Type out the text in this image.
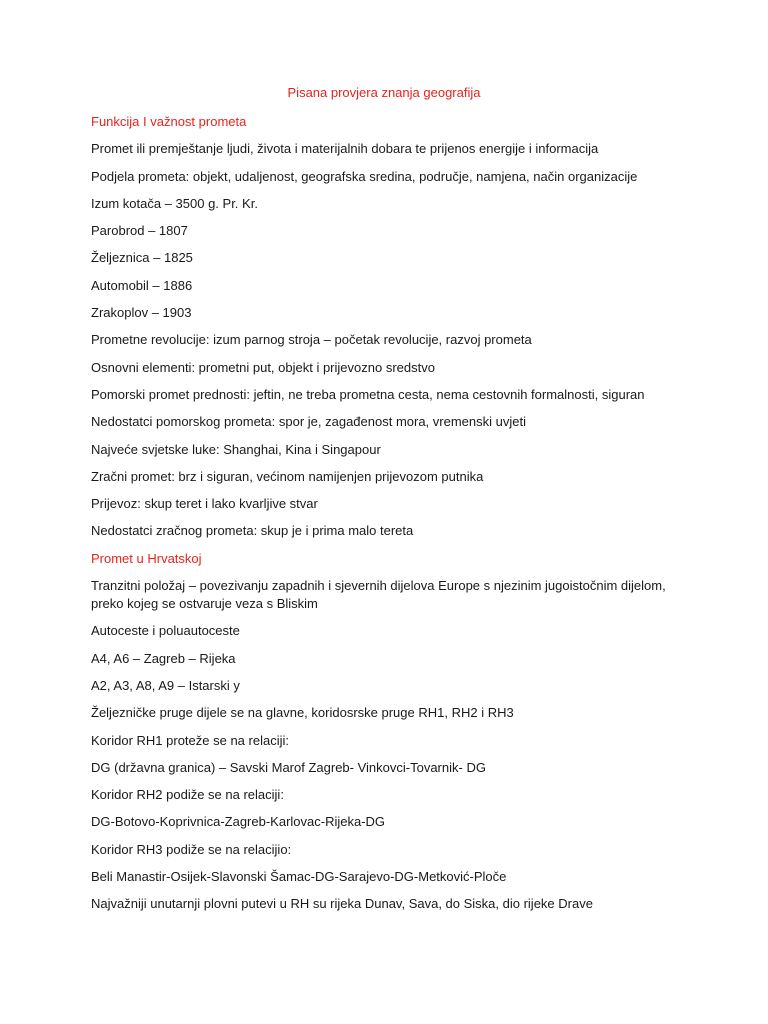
Pisana provjera znanja geografija
Funkcija I važnost prometa
Promet ili premještanje ljudi, života i materijalnih dobara te prijenos energije i informacija
Podjela prometa: objekt, udaljenost, geografska sredina, područje, namjena, način organizacije
Izum kotača – 3500 g. Pr. Kr.
Parobrod – 1807
Željeznica – 1825
Automobil – 1886
Zrakoplov – 1903
Prometne revolucije: izum parnog stroja – početak revolucije, razvoj prometa
Osnovni elementi: prometni put, objekt i prijevozno sredstvo
Pomorski promet prednosti: jeftin, ne treba prometna cesta, nema cestovnih formalnosti, siguran
Nedostatci pomorskog prometa: spor je, zagađenost mora, vremenski uvjeti
Najveće svjetske luke: Shanghai, Kina i Singapour
Zračni promet: brz i siguran, većinom namijenjen prijevozom putnika
Prijevoz: skup teret i lako kvarljive stvar
Nedostatci zračnog prometa: skup je i prima malo tereta
Promet u Hrvatskoj
Tranzitni položaj – povezivanju zapadnih i sjevernih dijelova Europe s njezinim jugoistočnim dijelom, preko kojeg se ostvaruje veza s Bliskim
Autoceste i poluautoceste
A4, A6 – Zagreb – Rijeka
A2, A3, A8, A9 – Istarski y
Željezničke pruge dijele se na glavne, koridosrske pruge RH1, RH2 i RH3
Koridor RH1 proteže se na relaciji:
DG (državna granica) – Savski Marof Zagreb- Vinkovci-Tovarnik- DG
Koridor RH2 podiže se na relaciji:
DG-Botovo-Koprivnica-Zagreb-Karlovac-Rijeka-DG
Koridor RH3 podiže se na relacijio:
Beli Manastir-Osijek-Slavonski Šamac-DG-Sarajevo-DG-Metković-Ploče
Najvažniji unutarnji plovni putevi u RH su rijeka Dunav, Sava, do Siska, dio rijeke Drave
